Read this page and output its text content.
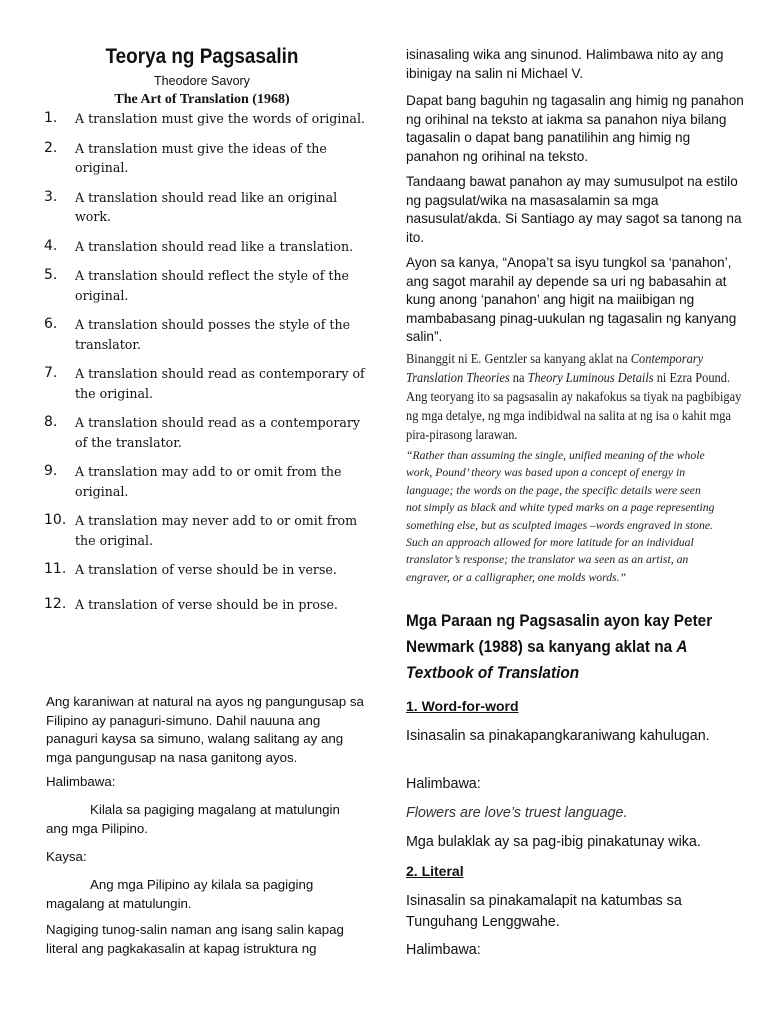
Teorya ng Pagsasalin
Theodore Savory
The Art of Translation (1968)
1. A translation must give the words of original.
2. A translation must give the ideas of the original.
3. A translation should read like an original work.
4. A translation should read like a translation.
5. A translation should reflect the style of the original.
6. A translation should posses the style of the translator.
7. A translation should read as contemporary of the original.
8. A translation should read as a contemporary of the translator.
9. A translation may add to or omit from the original.
10. A translation may never add to or omit from the original.
11. A translation of verse should be in verse.
12. A translation of verse should be in prose.
Ang karaniwan at natural na ayos ng pangungusap sa Filipino ay panaguri-simuno. Dahil nauuna ang panaguri kaysa sa simuno, walang salitang ay ang mga pangungusap na nasa ganitong ayos.
Halimbawa:
Kilala sa pagiging magalang at matulungin ang mga Pilipino.
Kaysa:
Ang mga Pilipino ay kilala sa pagiging magalang at matulungin.
Nagiging tunog-salin naman ang isang salin kapag literal ang pagkakasalin at kapag istruktura ng
isinasaling wika ang sinunod. Halimbawa nito ay ang ibinigay na salin ni Michael V.
Dapat bang baguhin ng tagasalin ang himig ng panahon ng orihinal na teksto at iakma sa panahon niya bilang tagasalin o dapat bang panatilihin ang himig ng panahon ng orihinal na teksto.
Tandaang bawat panahon ay may sumusulpot na estilo ng pagsulat/wika na masasalamin sa mga nasusulat/akda. Si Santiago ay may sagot sa tanong na ito.
Ayon sa kanya, “Anopa’t sa isyu tungkol sa ‘panahon’, ang sagot marahil ay depende sa uri ng babasahin at kung anong ‘panahon’ ang higit na maiibigan ng mambabasang pinag-uukulan ng tagasalin ng kanyang salin”.
Binanggit ni E. Gentzler sa kanyang aklat na Contemporary Translation Theories na Theory Luminous Details ni Ezra Pound. Ang teoryang ito sa pagsasalin ay nakafokus sa tiyak na pagbibigay ng mga detalye, ng mga indibidwal na salita at ng isa o kahit mga pira-pirasong larawan.
“Rather than assuming the single, unified meaning of the whole work, Pound’ theory was based upon a concept of energy in language; the words on the page, the specific details were seen not simply as black and white typed marks on a page representing something else, but as sculpted images –words engraved in stone. Such an approach allowed for more latitude for an individual translator’s response; the translator wa seen as an artist, an engraver, or a calligrapher, one molds words.”
Mga Paraan ng Pagsasalin ayon kay Peter Newmark (1988) sa kanyang aklat na A Textbook of Translation
1. Word-for-word
Isinasalin sa pinakapangkaraniwang kahulugan.
Halimbawa:
Flowers are love’s truest language.
Mga bulaklak ay sa pag-ibig pinakatunay wika.
2. Literal
Isinasalin sa pinakamalapit na katumbas sa Tunguhang Lenggwahe.
Halimbawa:
